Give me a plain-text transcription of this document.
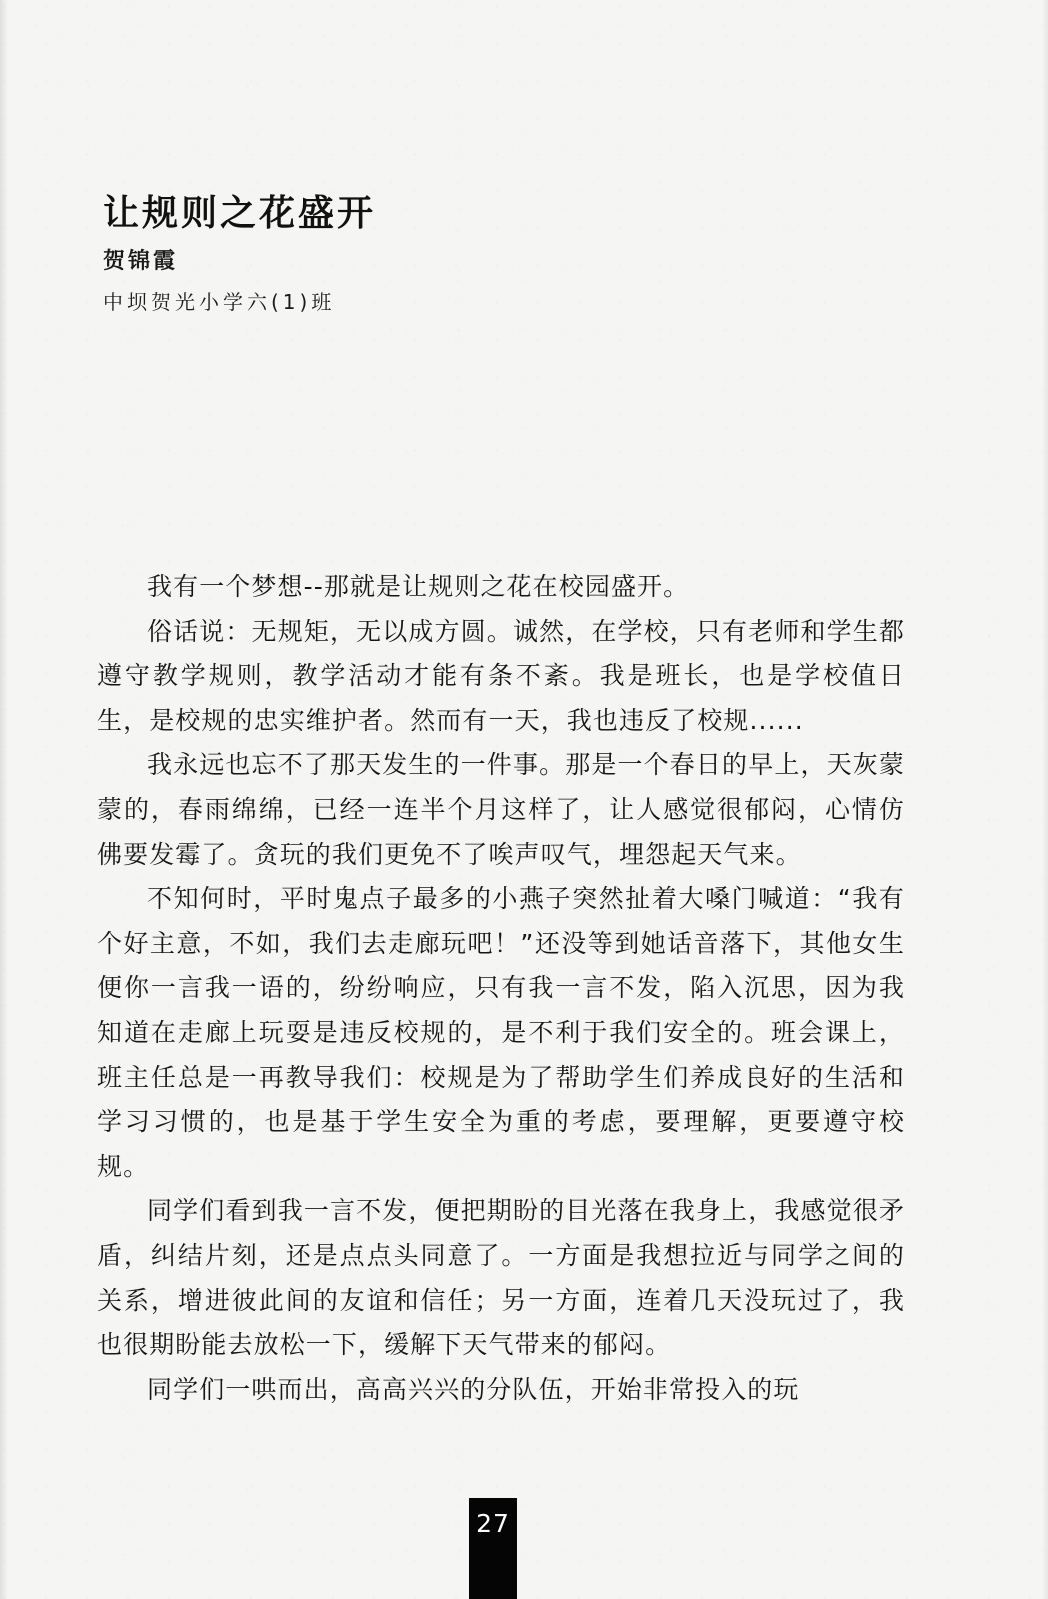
让规则之花盛开
贺锦霞
中坝贺光小学六(1)班

我有一个梦想--那就是让规则之花在校园盛开。

俗话说：无规矩，无以成方圆。诚然，在学校，只有老师和学生都遵守教学规则，教学活动才能有条不紊。我是班长，也是学校值日生，是校规的忠实维护者。然而有一天，我也违反了校规......

我永远也忘不了那天发生的一件事。那是一个春日的早上，天灰蒙蒙的，春雨绵绵，已经一连半个月这样了，让人感觉很郁闷，心情仿佛要发霉了。贪玩的我们更免不了唉声叹气，埋怨起天气来。

不知何时，平时鬼点子最多的小燕子突然扯着大嗓门喊道：“我有个好主意，不如，我们去走廊玩吧！”还没等到她话音落下，其他女生便你一言我一语的，纷纷响应，只有我一言不发，陷入沉思，因为我知道在走廊上玩耍是违反校规的，是不利于我们安全的。班会课上，班主任总是一再教导我们：校规是为了帮助学生们养成良好的生活和学习习惯的，也是基于学生安全为重的考虑，要理解，更要遵守校规。

同学们看到我一言不发，便把期盼的目光落在我身上，我感觉很矛盾，纠结片刻，还是点点头同意了。一方面是我想拉近与同学之间的关系，增进彼此间的友谊和信任；另一方面，连着几天没玩过了，我也很期盼能去放松一下，缓解下天气带来的郁闷。

同学们一哄而出，高高兴兴的分队伍，开始非常投入的玩

27
